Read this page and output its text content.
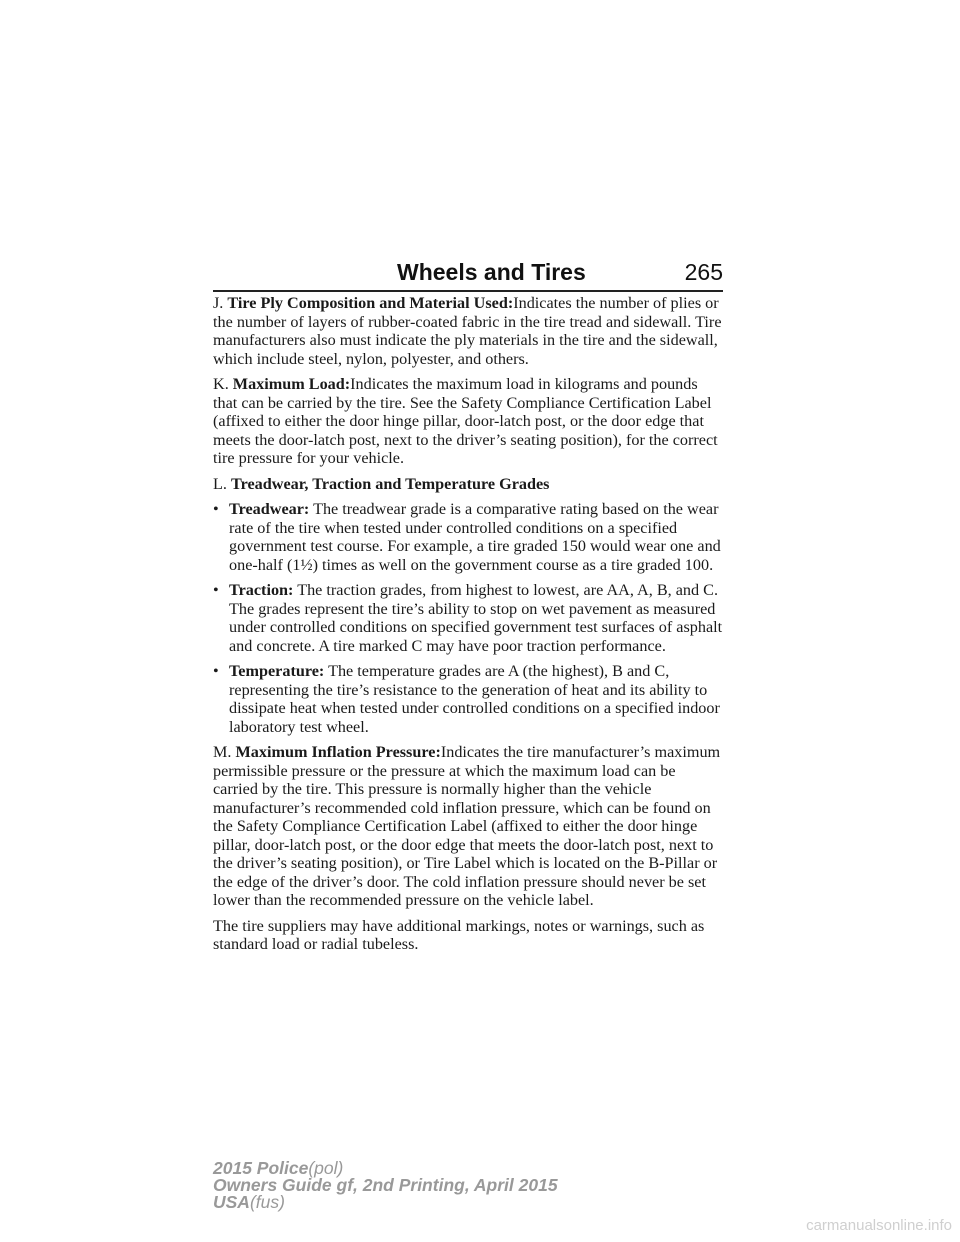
Wheels and Tires	265

J. Tire Ply Composition and Material Used:Indicates the number of plies or the number of layers of rubber-coated fabric in the tire tread and sidewall. Tire manufacturers also must indicate the ply materials in the tire and the sidewall, which include steel, nylon, polyester, and others.

K. Maximum Load:Indicates the maximum load in kilograms and pounds that can be carried by the tire. See the Safety Compliance Certification Label (affixed to either the door hinge pillar, door-latch post, or the door edge that meets the door-latch post, next to the driver’s seating position), for the correct tire pressure for your vehicle.

L. Treadwear, Traction and Temperature Grades

• Treadwear: The treadwear grade is a comparative rating based on the wear rate of the tire when tested under controlled conditions on a specified government test course. For example, a tire graded 150 would wear one and one-half (1½) times as well on the government course as a tire graded 100.
• Traction: The traction grades, from highest to lowest, are AA, A, B, and C. The grades represent the tire’s ability to stop on wet pavement as measured under controlled conditions on specified government test surfaces of asphalt and concrete. A tire marked C may have poor traction performance.
• Temperature: The temperature grades are A (the highest), B and C, representing the tire’s resistance to the generation of heat and its ability to dissipate heat when tested under controlled conditions on a specified indoor laboratory test wheel.

M. Maximum Inflation Pressure:Indicates the tire manufacturer’s maximum permissible pressure or the pressure at which the maximum load can be carried by the tire. This pressure is normally higher than the vehicle manufacturer’s recommended cold inflation pressure, which can be found on the Safety Compliance Certification Label (affixed to either the door hinge pillar, door-latch post, or the door edge that meets the door-latch post, next to the driver’s seating position), or Tire Label which is located on the B-Pillar or the edge of the driver’s door. The cold inflation pressure should never be set lower than the recommended pressure on the vehicle label.

The tire suppliers may have additional markings, notes or warnings, such as standard load or radial tubeless.

2015 Police(pol)
Owners Guide gf, 2nd Printing, April 2015
USA(fus)
carmanualsonline.info
